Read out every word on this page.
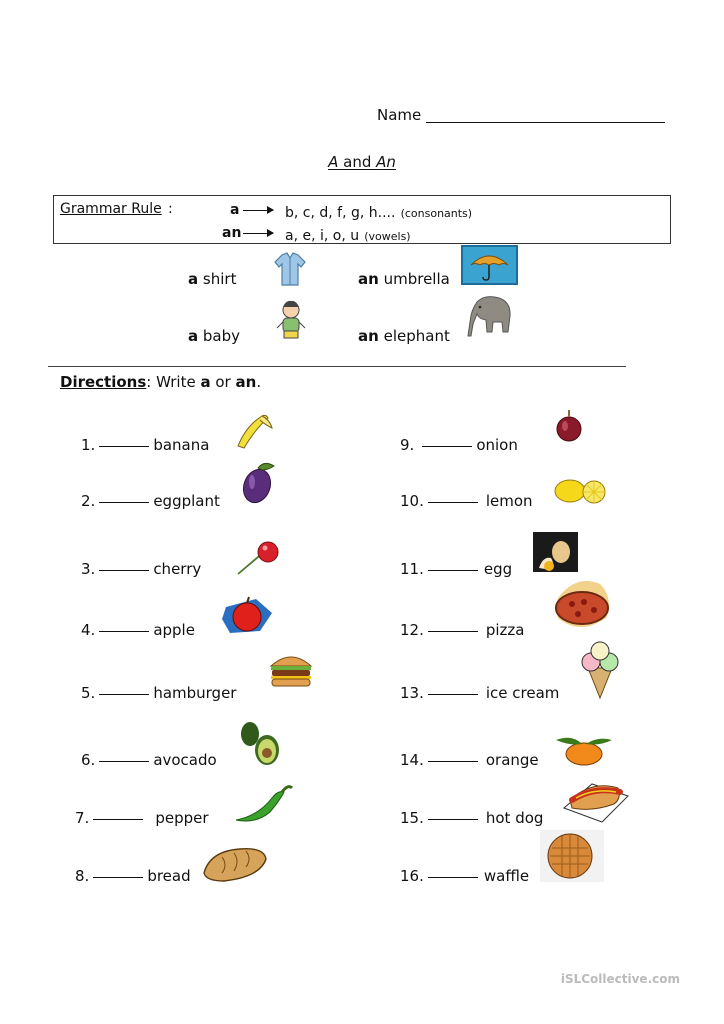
Name
A and An
Grammar Rule :	a	b, c, d, f, g, h.... (consonants)
an	a, e, i, o, u (vowels)
a shirt	an umbrella
a baby	an elephant
Directions: Write a or an.
1.	banana
2.	eggplant
3.	cherry
4.	apple
5.	hamburger
6.	avocado
7.	pepper
8.	bread
9.	onion
10.	lemon
11.	egg
12.	pizza
13.	ice cream
14.	orange
15.	hot dog
16.	waffle
iSLCollective.com
